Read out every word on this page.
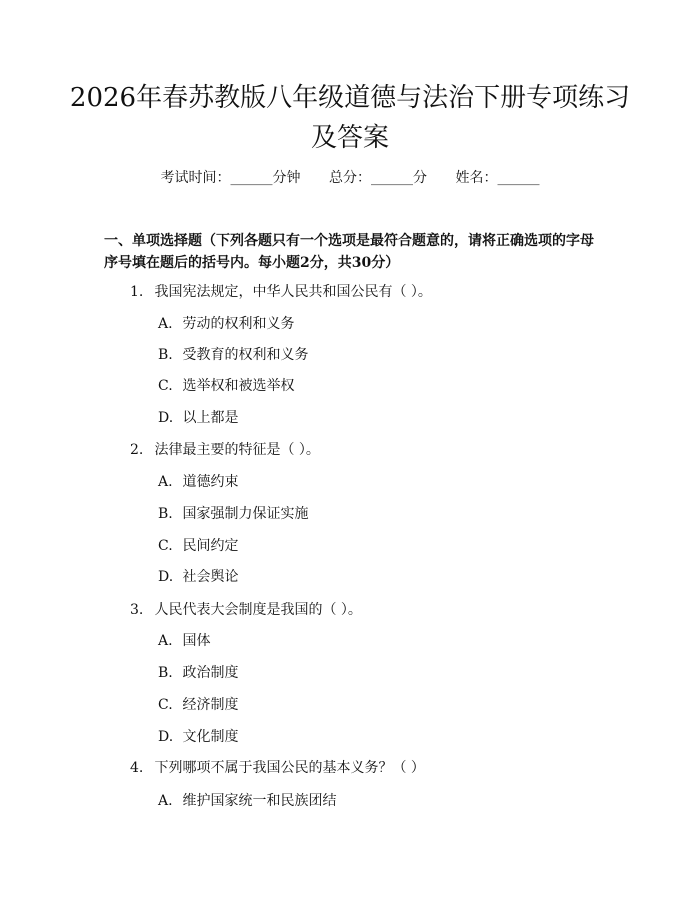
2026年春苏教版八年级道德与法治下册专项练习及答案
考试时间：______分钟 总分：______分 姓名：______
一、单项选择题（下列各题只有一个选项是最符合题意的，请将正确选项的字母序号填在题后的括号内。每小题2分，共30分）
1. 我国宪法规定，中华人民共和国公民有（ ）。
A. 劳动的权利和义务
B. 受教育的权利和义务
C. 选举权和被选举权
D. 以上都是
2. 法律最主要的特征是（ ）。
A. 道德约束
B. 国家强制力保证实施
C. 民间约定
D. 社会舆论
3. 人民代表大会制度是我国的（ ）。
A. 国体
B. 政治制度
C. 经济制度
D. 文化制度
4. 下列哪项不属于我国公民的基本义务？（ ）
A. 维护国家统一和民族团结
